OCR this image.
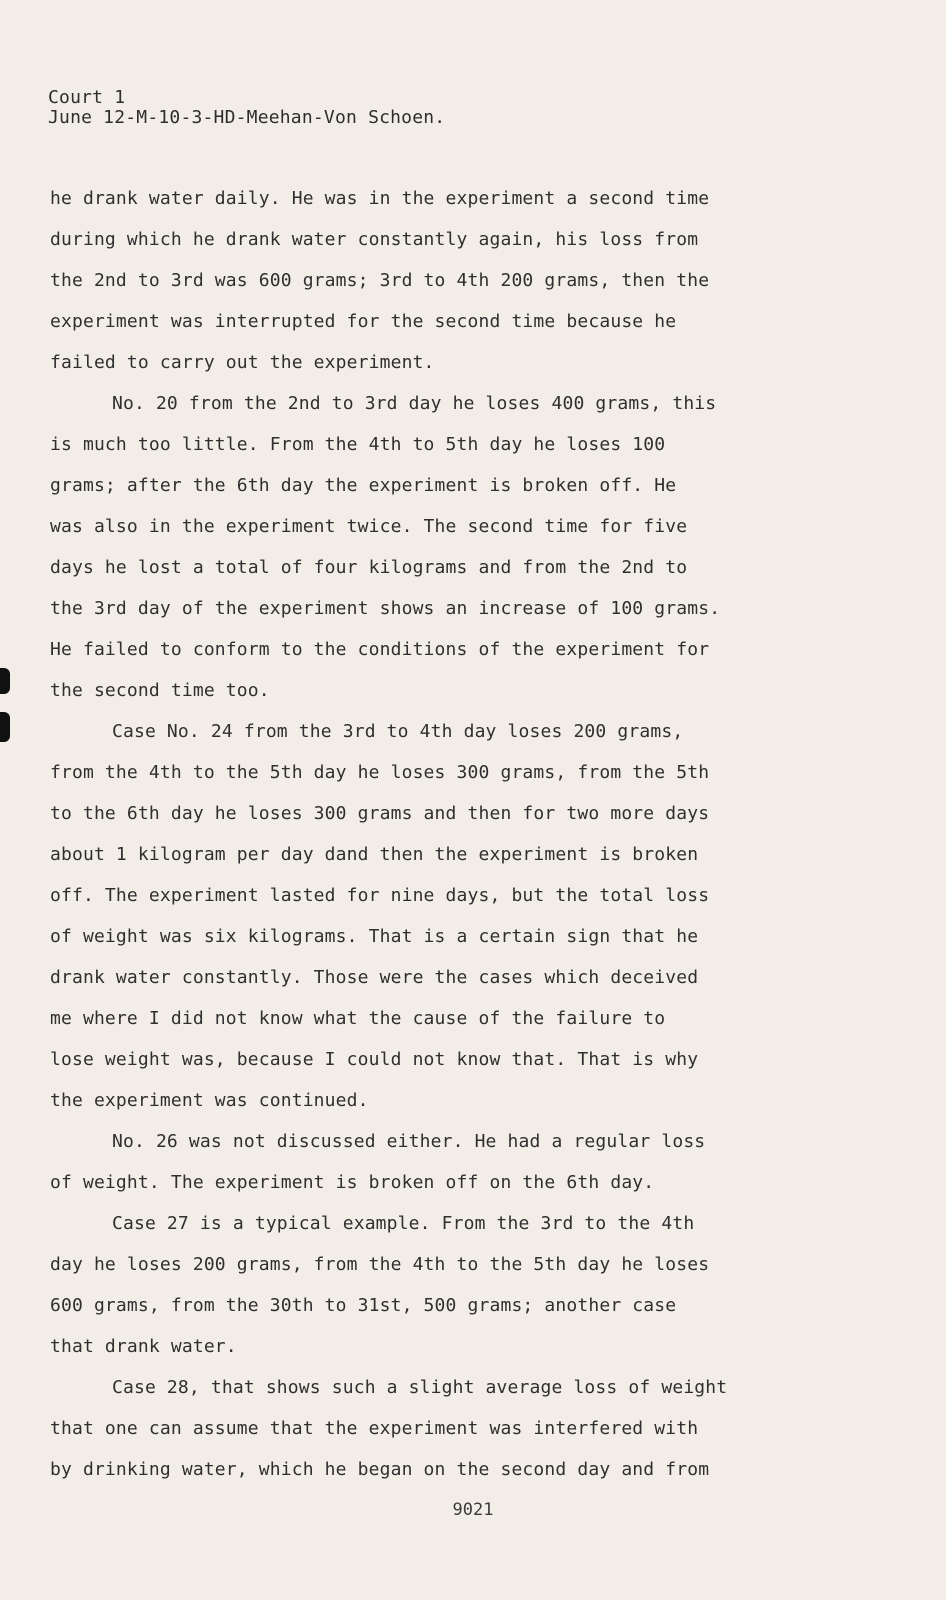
Court 1
June 12-M-10-3-HD-Meehan-Von Schoen.
he drank water daily. He was in the experiment a second time
during which he drank water constantly again, his loss from
the 2nd to 3rd was 600 grams; 3rd to 4th 200 grams, then the
experiment was interrupted for the second time because he
failed to carry out the experiment.
No. 20 from the 2nd to 3rd day he loses 400 grams, this
is much too little. From the 4th to 5th day he loses 100
grams; after the 6th day the experiment is broken off. He
was also in the experiment twice. The second time for five
days he lost a total of four kilograms and from the 2nd to
the 3rd day of the experiment shows an increase of 100 grams.
He failed to conform to the conditions of the experiment for
the second time too.
Case No. 24 from the 3rd to 4th day loses 200 grams,
from the 4th to the 5th day he loses 300 grams, from the 5th
to the 6th day he loses 300 grams and then for two more days
about 1 kilogram per day dand then the experiment is broken
off. The experiment lasted for nine days, but the total loss
of weight was six kilograms. That is a certain sign that he
drank water constantly. Those were the cases which deceived
me where I did not know what the cause of the failure to
lose weight was, because I could not know that. That is why
the experiment was continued.
No. 26 was not discussed either. He had a regular loss
of weight. The experiment is broken off on the 6th day.
Case 27 is a typical example. From the 3rd to the 4th
day he loses 200 grams, from the 4th to the 5th day he loses
600 grams, from the 30th to 31st, 500 grams; another case
that drank water.
Case 28, that shows such a slight average loss of weight
that one can assume that the experiment was interfered with
by drinking water, which he began on the second day and from
9021
